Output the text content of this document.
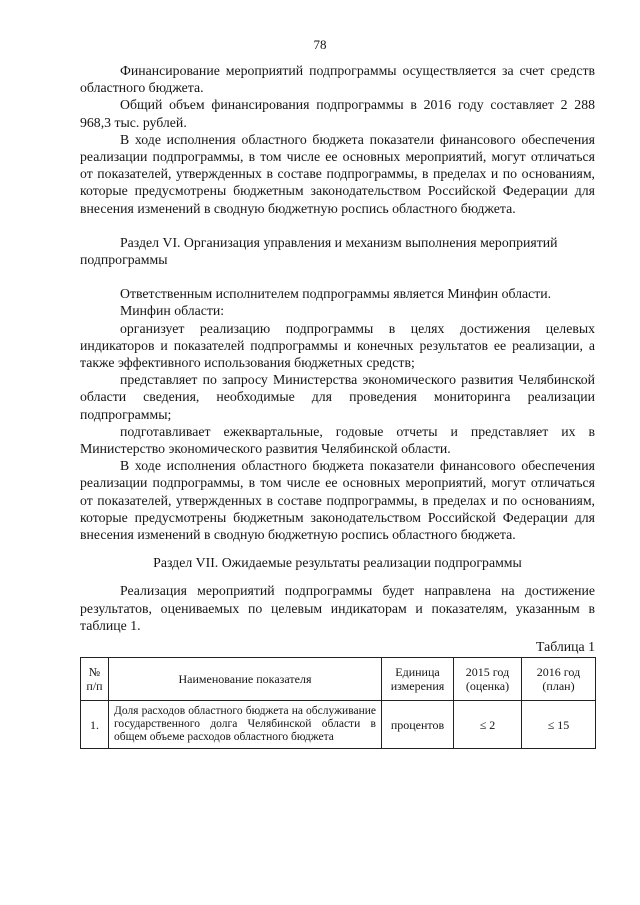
78

Финансирование мероприятий подпрограммы осуществляется за счет средств областного бюджета.

Общий объем финансирования подпрограммы в 2016 году составляет 2 288 968,3 тыс. рублей.

В ходе исполнения областного бюджета показатели финансового обеспечения реализации подпрограммы, в том числе ее основных мероприятий, могут отличаться от показателей, утвержденных в составе подпрограммы, в пределах и по основаниям, которые предусмотрены бюджетным законодательством Российской Федерации для внесения изменений в сводную бюджетную роспись областного бюджета.

Раздел VI. Организация управления и механизм выполнения мероприятий подпрограммы

Ответственным исполнителем подпрограммы является Минфин области.

Минфин области:

организует реализацию подпрограммы в целях достижения целевых индикаторов и показателей подпрограммы и конечных результатов ее реализации, а также эффективного использования бюджетных средств;

представляет по запросу Министерства экономического развития Челябинской области сведения, необходимые для проведения мониторинга реализации подпрограммы;

подготавливает ежеквартальные, годовые отчеты и представляет их в Министерство экономического развития Челябинской области.

В ходе исполнения областного бюджета показатели финансового обеспечения реализации подпрограммы, в том числе ее основных мероприятий, могут отличаться от показателей, утвержденных в составе подпрограммы, в пределах и по основаниям, которые предусмотрены бюджетным законодательством Российской Федерации для внесения изменений в сводную бюджетную роспись областного бюджета.

Раздел VII. Ожидаемые результаты реализации подпрограммы

Реализация мероприятий подпрограммы будет направлена на достижение результатов, оцениваемых по целевым индикаторам и показателям, указанным в таблице 1.

Таблица 1

№ п/п	Наименование показателя	Единица измерения	2015 год (оценка)	2016 год (план)
1.	Доля расходов областного бюджета на обслуживание государственного долга Челябинской области в общем объеме расходов областного бюджета	процентов	≤ 2	≤ 15
